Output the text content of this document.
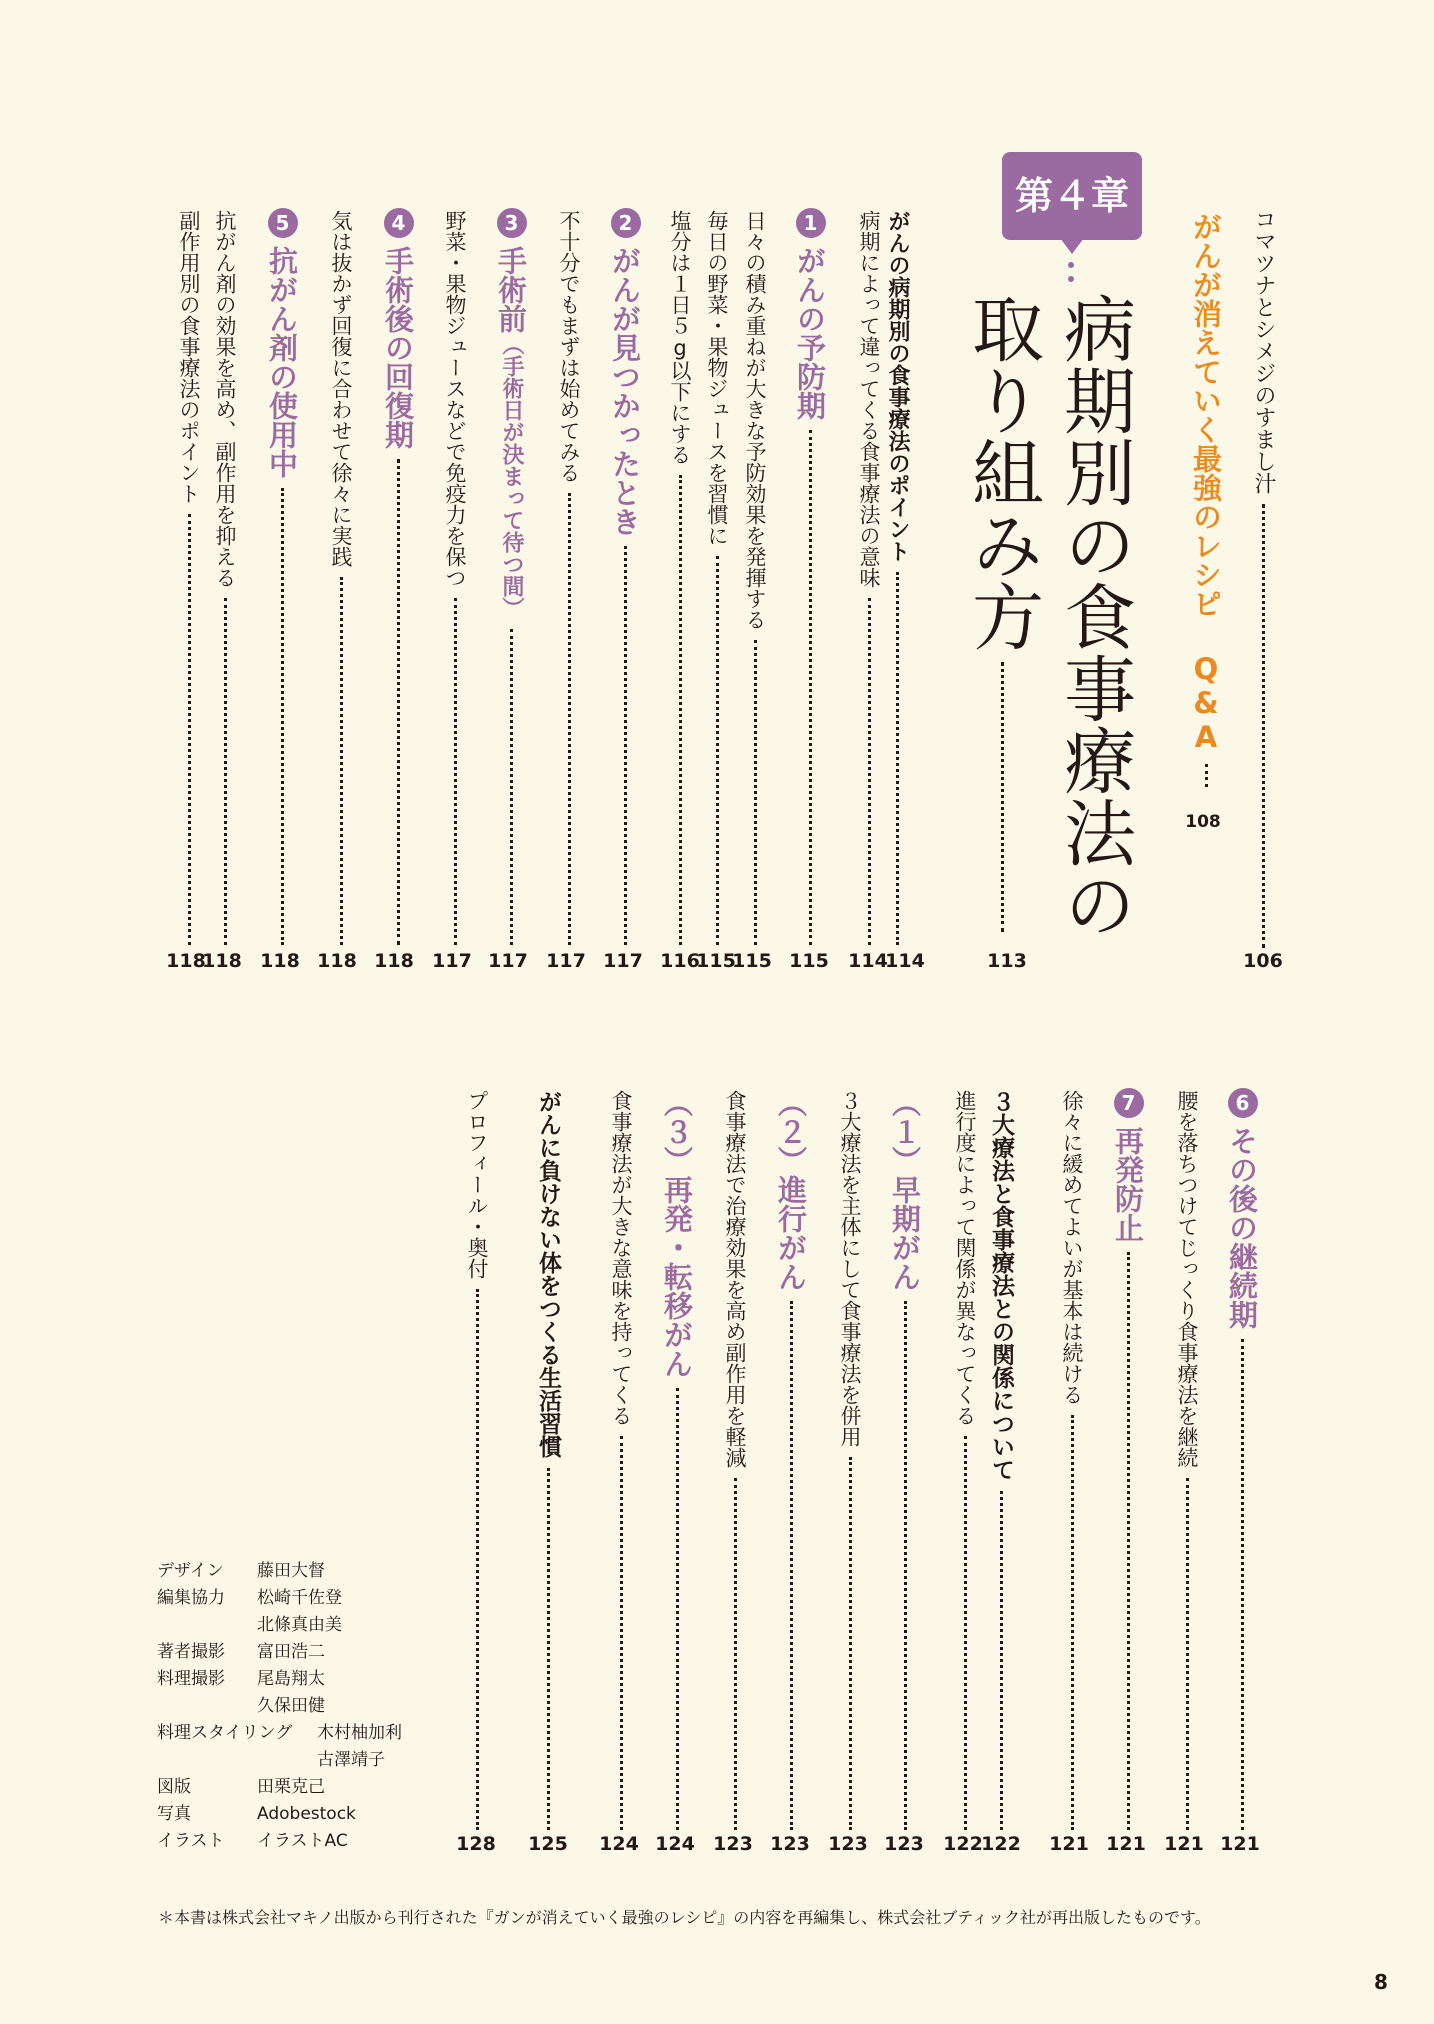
コマツナとシメジのすまし汁
106
がんが消えていく最強のレシピ Q&A
108
第４章
病期別の食事療法の
取り組み方
113
がんの病期別の食事療法のポイント
114
病期によって違ってくる食事療法の意味
114
1
がんの予防期
115
日々の積み重ねが大きな予防効果を発揮する
115
毎日の野菜・果物ジュースを習慣に
115
塩分は１日５g以下にする
116
2
がんが見つかったとき
117
不十分でもまずは始めてみる
117
3
手術前
（手術日が決まって待つ間）
117
野菜・果物ジュースなどで免疫力を保つ
117
4
手術後の回復期
118
気は抜かず回復に合わせて徐々に実践
118
5
抗がん剤の使用中
118
抗がん剤の効果を高め、副作用を抑える
118
副作用別の食事療法のポイント
118
6
その後の継続期
121
腰を落ちつけてじっくり食事療法を継続
121
7
再発防止
121
徐々に緩めてよいが基本は続ける
121
３大療法と食事療法との関係について
122
進行度によって関係が異なってくる
122
（１）早期がん
123
３大療法を主体にして食事療法を併用
123
（２）進行がん
123
食事療法で治療効果を高め副作用を軽減
123
（３）再発・転移がん
124
食事療法が大きな意味を持ってくる
124
がんに負けない体をつくる生活習慣
125
プロフィール・奥付
128
デザイン	藤田大督
編集協力	松崎千佐登
北條真由美
著者撮影	富田浩二
料理撮影	尾島翔太
久保田健
料理スタイリング	木村柚加利
古澤靖子
図版	田栗克己
写真	Adobestock
イラスト	イラストAC
＊本書は株式会社マキノ出版から刊行された『ガンが消えていく最強のレシピ』の内容を再編集し、株式会社ブティック社が再出版したものです。
8
